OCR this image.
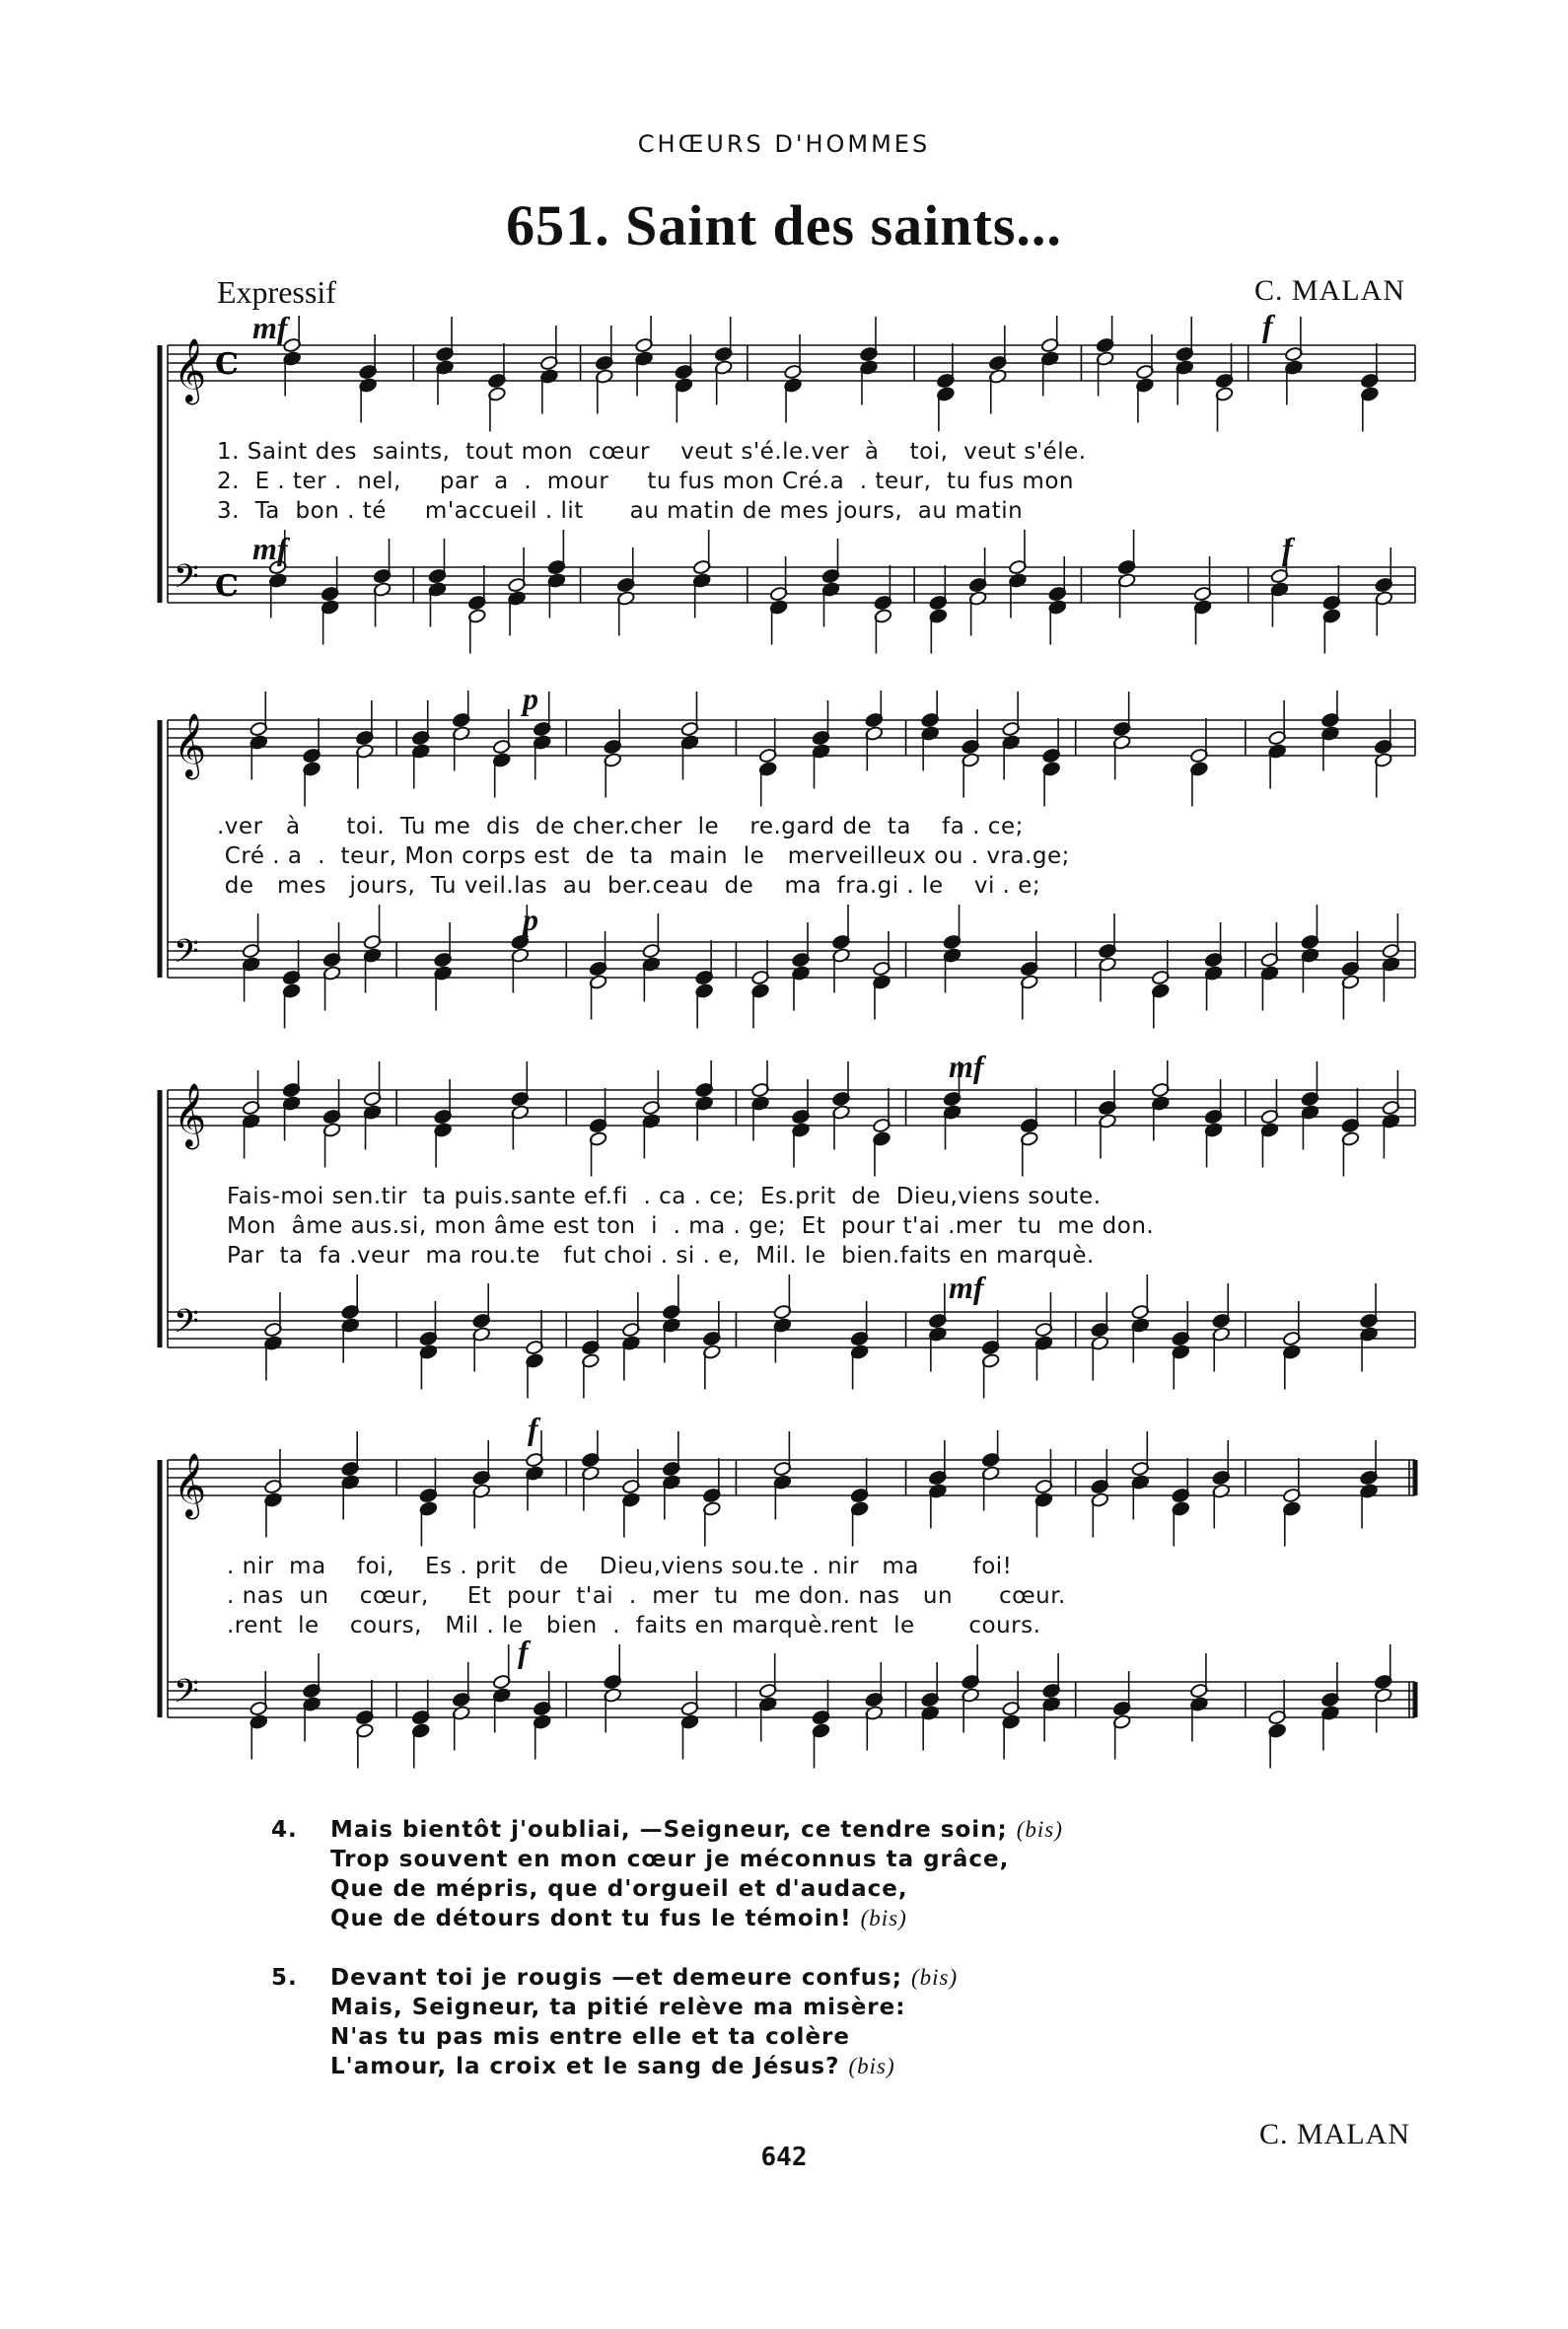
CHŒURS D'HOMMES
651. Saint des saints...
Expressif	C. MALAN
𝄞 C
𝄢 C
mf	f
mf	f
1. Saint des  saints,  tout mon  cœur    veut s'é.le.ver  à    toi,  veut s'éle.
2.  E . ter .  nel,     par  a  .  mour     tu fus mon Cré.a  . teur,  tu fus mon
3.  Ta  bon . té     m'accueil . lit      au matin de mes jours,  au matin
𝄞
𝄢
p
p
.ver   à      toi.  Tu me  dis  de cher.cher  le    re.gard de  ta    fa . ce;
Cré . a  .  teur, Mon corps est  de  ta  main  le   merveilleux ou . vra.ge;
de   mes   jours,  Tu veil.las  au  ber.ceau  de    ma  fra.gi . le    vi . e;
𝄞
𝄢
mf
mf
Fais-moi sen.tir  ta puis.sante ef.fi  . ca . ce;  Es.prit  de  Dieu,viens soute.
Mon  âme aus.si, mon âme est ton  i  . ma . ge;  Et  pour t'ai .mer  tu  me don.
Par  ta  fa .veur  ma rou.te   fut choi . si . e,  Mil. le  bien.faits en marquè.
𝄞
𝄢
f
f
. nir  ma    foi,    Es . prit   de    Dieu,viens sou.te . nir   ma       foi!
. nas  un    cœur,     Et  pour  t'ai  .  mer  tu  me don. nas   un      cœur.
.rent  le    cours,   Mil . le   bien  .  faits en marquè.rent  le       cours.
4. Mais bientôt j'oubliai, —Seigneur, ce tendre soin; (bis)
Trop souvent en mon cœur je méconnus ta grâce,
Que de mépris, que d'orgueil et d'audace,
Que de détours dont tu fus le témoin! (bis)
5. Devant toi je rougis —et demeure confus; (bis)
Mais, Seigneur, ta pitié relève ma misère:
N'as tu pas mis entre elle et ta colère
L'amour, la croix et le sang de Jésus? (bis)
C. MALAN
642
